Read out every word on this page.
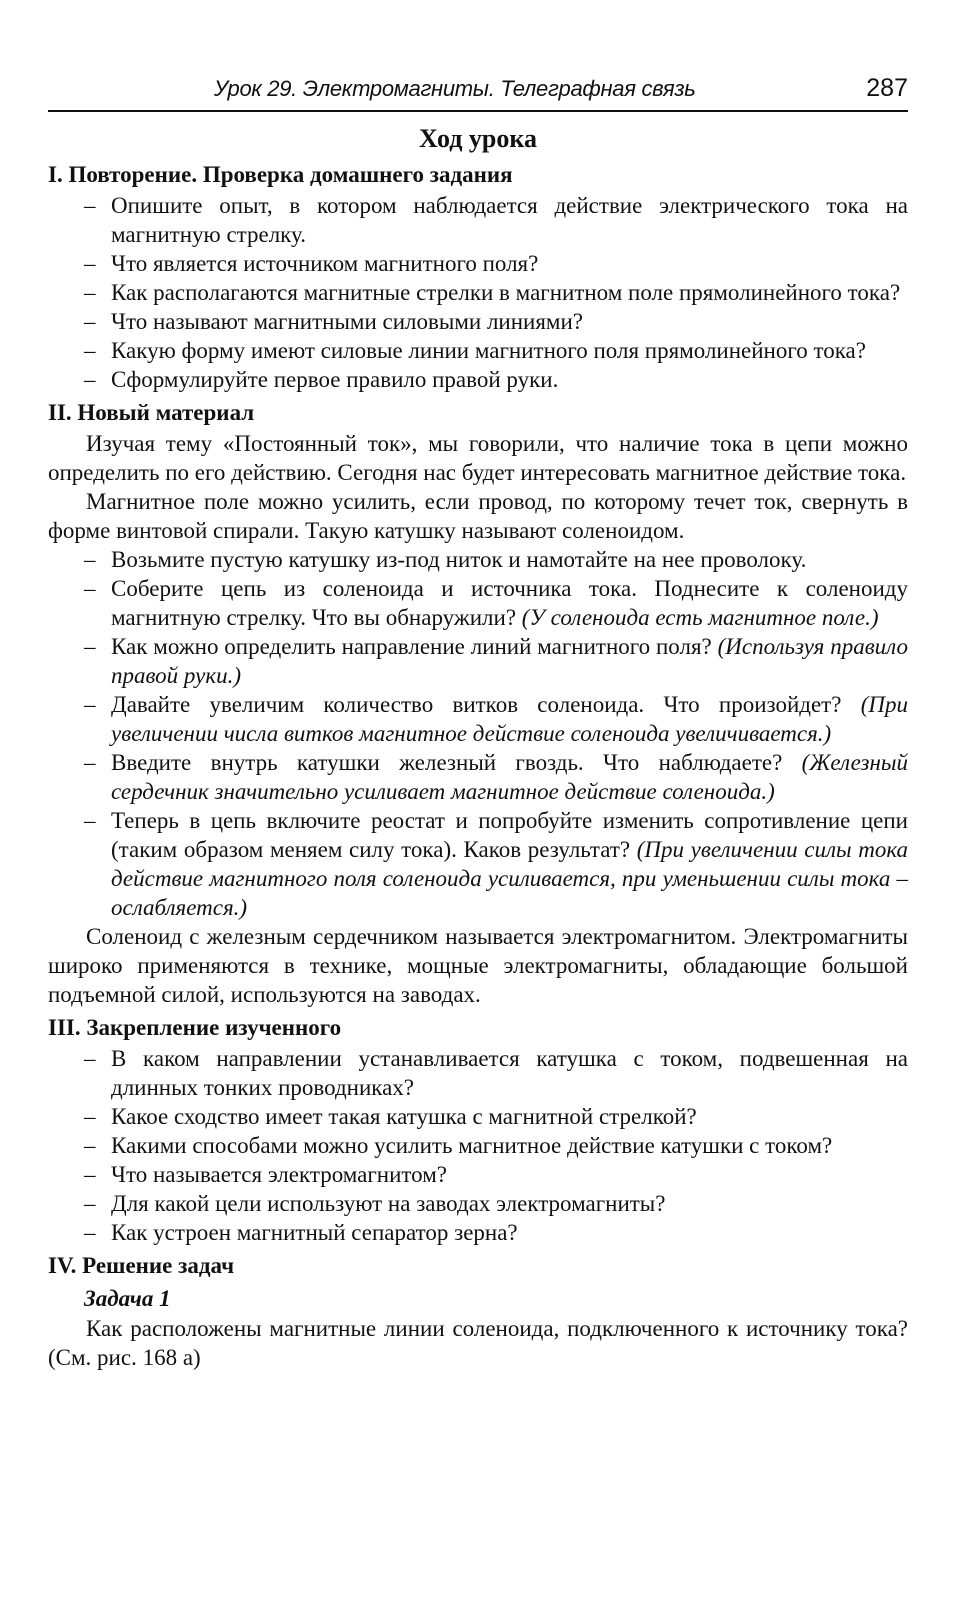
Урок 29. Электромагниты. Телеграфная связь	287
Ход урока
I. Повторение. Проверка домашнего задания
– Опишите опыт, в котором наблюдается действие электрического тока на магнитную стрелку.
– Что является источником магнитного поля?
– Как располагаются магнитные стрелки в магнитном поле прямолинейного тока?
– Что называют магнитными силовыми линиями?
– Какую форму имеют силовые линии магнитного поля прямолинейного тока?
– Сформулируйте первое правило правой руки.
II. Новый материал

Изучая тему «Постоянный ток», мы говорили, что наличие тока в цепи можно определить по его действию. Сегодня нас будет интересовать магнитное действие тока.

Магнитное поле можно усилить, если провод, по которому течет ток, свернуть в форме винтовой спирали. Такую катушку называют соленоидом.

– Возьмите пустую катушку из-под ниток и намотайте на нее проволоку.
– Соберите цепь из соленоида и источника тока. Поднесите к соленоиду магнитную стрелку. Что вы обнаружили? (У соленоида есть магнитное поле.)
– Как можно определить направление линий магнитного поля? (Используя правило правой руки.)
– Давайте увеличим количество витков соленоида. Что произойдет? (При увеличении числа витков магнитное действие соленоида увеличивается.)
– Введите внутрь катушки железный гвоздь. Что наблюдаете? (Железный сердечник значительно усиливает магнитное действие соленоида.)
– Теперь в цепь включите реостат и попробуйте изменить сопротивление цепи (таким образом меняем силу тока). Каков результат? (При увеличении силы тока действие магнитного поля соленоида усиливается, при уменьшении силы тока – ослабляется.)

Соленоид с железным сердечником называется электромагнитом. Электромагниты широко применяются в технике, мощные электромагниты, обладающие большой подъемной силой, используются на заводах.

III. Закрепление изученного
– В каком направлении устанавливается катушка с током, подвешенная на длинных тонких проводниках?
– Какое сходство имеет такая катушка с магнитной стрелкой?
– Какими способами можно усилить магнитное действие катушки с током?
– Что называется электромагнитом?
– Для какой цели используют на заводах электромагниты?
– Как устроен магнитный сепаратор зерна?
IV. Решение задач
Задача 1

Как расположены магнитные линии соленоида, подключенного к источнику тока? (См. рис. 168 а)
